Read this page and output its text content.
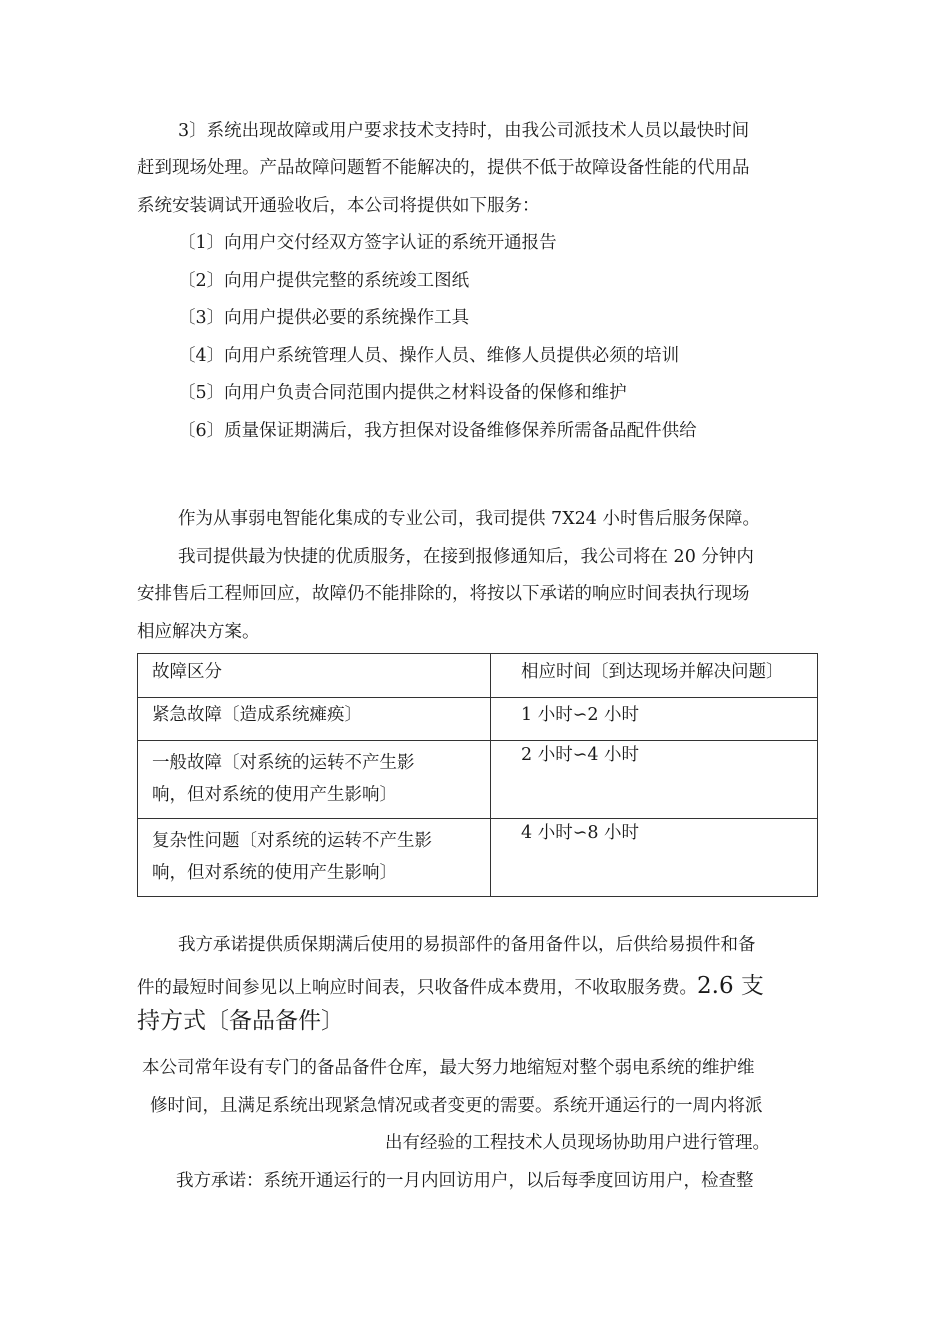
3〕系统出现故障或用户要求技术支持时，由我公司派技术人员以最快时间
赶到现场处理。产品故障问题暂不能解决的，提供不低于故障设备性能的代用品
系统安装调试开通验收后，本公司将提供如下服务：
〔1〕向用户交付经双方签字认证的系统开通报告
〔2〕向用户提供完整的系统竣工图纸
〔3〕向用户提供必要的系统操作工具
〔4〕向用户系统管理人员、操作人员、维修人员提供必须的培训
〔5〕向用户负责合同范围内提供之材料设备的保修和维护
〔6〕质量保证期满后，我方担保对设备维修保养所需备品配件供给
作为从事弱电智能化集成的专业公司，我司提供 7X24 小时售后服务保障。
我司提供最为快捷的优质服务，在接到报修通知后，我公司将在 20 分钟内
安排售后工程师回应，故障仍不能排除的，将按以下承诺的响应时间表执行现场
相应解决方案。
故障区分	相应时间〔到达现场并解决问题〕

紧急故障〔造成系统瘫痪〕	1 小时∽2 小时

一般故障〔对系统的运转不产生影
响，但对系统的使用产生影响〕	2 小时∽4 小时

复杂性问题〔对系统的运转不产生影
响，但对系统的使用产生影响〕	4 小时∽8 小时
我方承诺提供质保期满后使用的易损部件的备用备件以，后供给易损件和备
件的最短时间参见以上响应时间表，只收备件成本费用，不收取服务费。2.6 支
持方式〔备品备件〕
本公司常年设有专门的备品备件仓库，最大努力地缩短对整个弱电系统的维护维
修时间，且满足系统出现紧急情况或者变更的需要。系统开通运行的一周内将派
出有经验的工程技术人员现场协助用户进行管理。
我方承诺：系统开通运行的一月内回访用户，以后每季度回访用户，检查整
